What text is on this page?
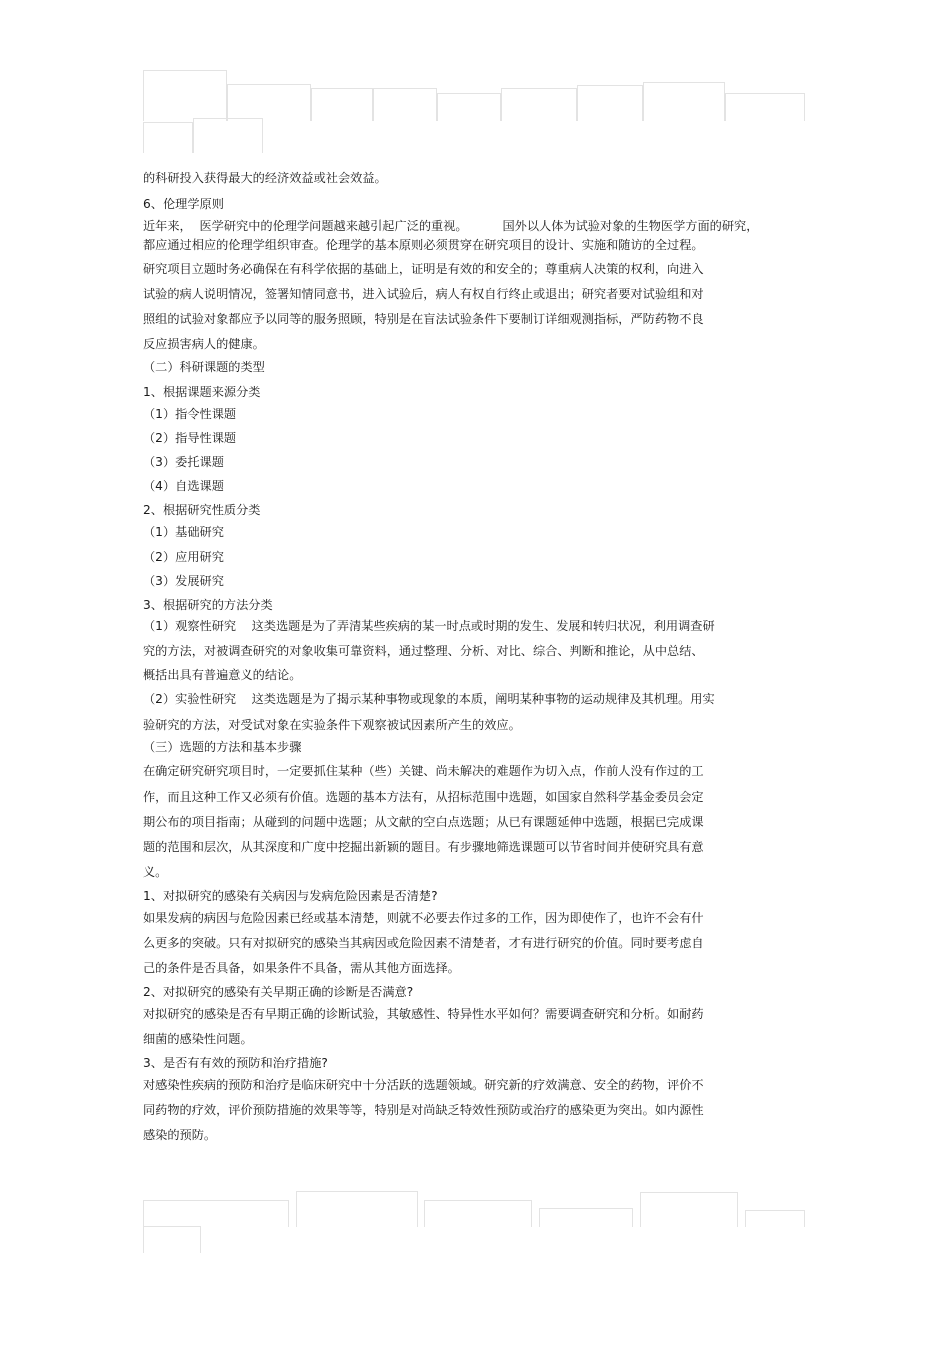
的科研投入获得最大的经济效益或社会效益。

6、伦理学原则

近年来，  医学研究中的伦理学问题越来越引起广泛的重视。         国外以人体为试验对象的生物医学方面的研究，

都应通过相应的伦理学组织审查。伦理学的基本原则必须贯穿在研究项目的设计、实施和随访的全过程。

研究项目立题时务必确保在有科学依据的基础上，证明是有效的和安全的；尊重病人决策的权利，向进入

试验的病人说明情况，签署知情同意书，进入试验后，病人有权自行终止或退出；研究者要对试验组和对

照组的试验对象都应予以同等的服务照顾，特别是在盲法试验条件下要制订详细观测指标，严防药物不良

反应损害病人的健康。

（二）科研课题的类型

1、根据课题来源分类

（1）指令性课题

（2）指导性课题

（3）委托课题

（4）自选课题

2、根据研究性质分类

（1）基础研究

（2）应用研究

（3）发展研究

3、根据研究的方法分类

（1）观察性研究    这类选题是为了弄清某些疾病的某一时点或时期的发生、发展和转归状况，利用调查研

究的方法，对被调查研究的对象收集可靠资料，通过整理、分析、对比、综合、判断和推论，从中总结、

概括出具有普遍意义的结论。

（2）实验性研究    这类选题是为了揭示某种事物或现象的本质，阐明某种事物的运动规律及其机理。用实

验研究的方法，对受试对象在实验条件下观察被试因素所产生的效应。

（三）选题的方法和基本步骤

在确定研究研究项目时，一定要抓住某种（些）关键、尚未解决的难题作为切入点，作前人没有作过的工

作，而且这种工作又必须有价值。选题的基本方法有，从招标范围中选题，如国家自然科学基金委员会定

期公布的项目指南；从碰到的问题中选题；从文献的空白点选题；从已有课题延伸中选题，根据已完成课

题的范围和层次，从其深度和广度中挖掘出新颖的题目。有步骤地筛选课题可以节省时间并使研究具有意

义。

1、对拟研究的感染有关病因与发病危险因素是否清楚?

如果发病的病因与危险因素已经或基本清楚，则就不必要去作过多的工作，因为即使作了，也许不会有什

么更多的突破。只有对拟研究的感染当其病因或危险因素不清楚者，才有进行研究的价值。同时要考虑自

己的条件是否具备，如果条件不具备，需从其他方面选择。

2、对拟研究的感染有关早期正确的诊断是否满意?

对拟研究的感染是否有早期正确的诊断试验，其敏感性、特异性水平如何？需要调查研究和分析。如耐药

细菌的感染性问题。

3、是否有有效的预防和治疗措施?

对感染性疾病的预防和治疗是临床研究中十分活跃的选题领域。研究新的疗效满意、安全的药物，评价不

同药物的疗效，评价预防措施的效果等等，特别是对尚缺乏特效性预防或治疗的感染更为突出。如内源性

感染的预防。
